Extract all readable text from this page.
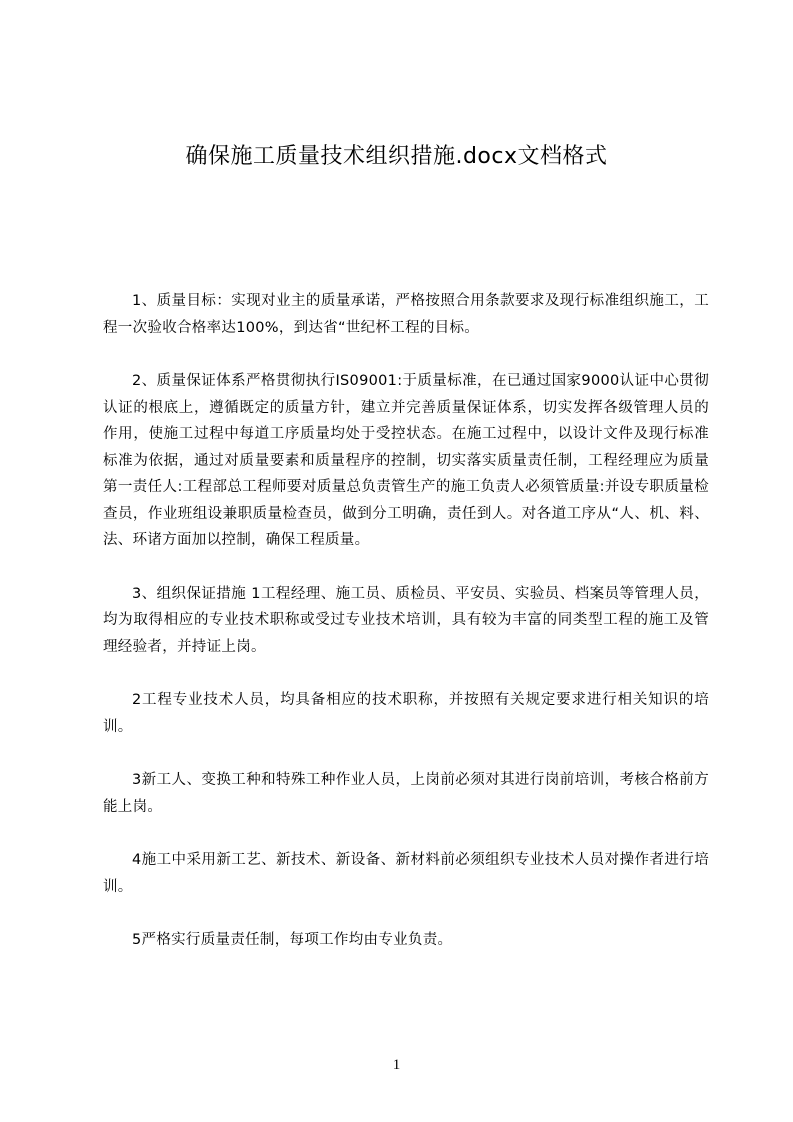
确保施工质量技术组织措施.docx文档格式

1、质量目标：实现对业主的质量承诺，严格按照合用条款要求及现行标准组织施工，工程一次验收合格率达100%，到达省“世纪杯工程的目标。

2、质量保证体系严格贯彻执行IS09001:于质量标准，在已通过国家9000认证中心贯彻认证的根底上，遵循既定的质量方针，建立并完善质量保证体系，切实发挥各级管理人员的作用，使施工过程中每道工序质量均处于受控状态。在施工过程中，以设计文件及现行标准标准为依据，通过对质量要素和质量程序的控制，切实落实质量责任制，工程经理应为质量第一责任人:工程部总工程师要对质量总负责管生产的施工负责人必须管质量:并设专职质量检查员，作业班组设兼职质量检查员，做到分工明确，责任到人。对各道工序从“人、机、料、法、环诸方面加以控制，确保工程质量。

3、组织保证措施 1工程经理、施工员、质检员、平安员、实验员、档案员等管理人员，均为取得相应的专业技术职称或受过专业技术培训，具有较为丰富的同类型工程的施工及管理经验者，并持证上岗。

2工程专业技术人员，均具备相应的技术职称，并按照有关规定要求进行相关知识的培训。

3新工人、变换工种和特殊工种作业人员，上岗前必须对其进行岗前培训，考核合格前方能上岗。

4施工中采用新工艺、新技术、新设备、新材料前必须组织专业技术人员对操作者进行培训。

5严格实行质量责任制，每项工作均由专业负责。

1
